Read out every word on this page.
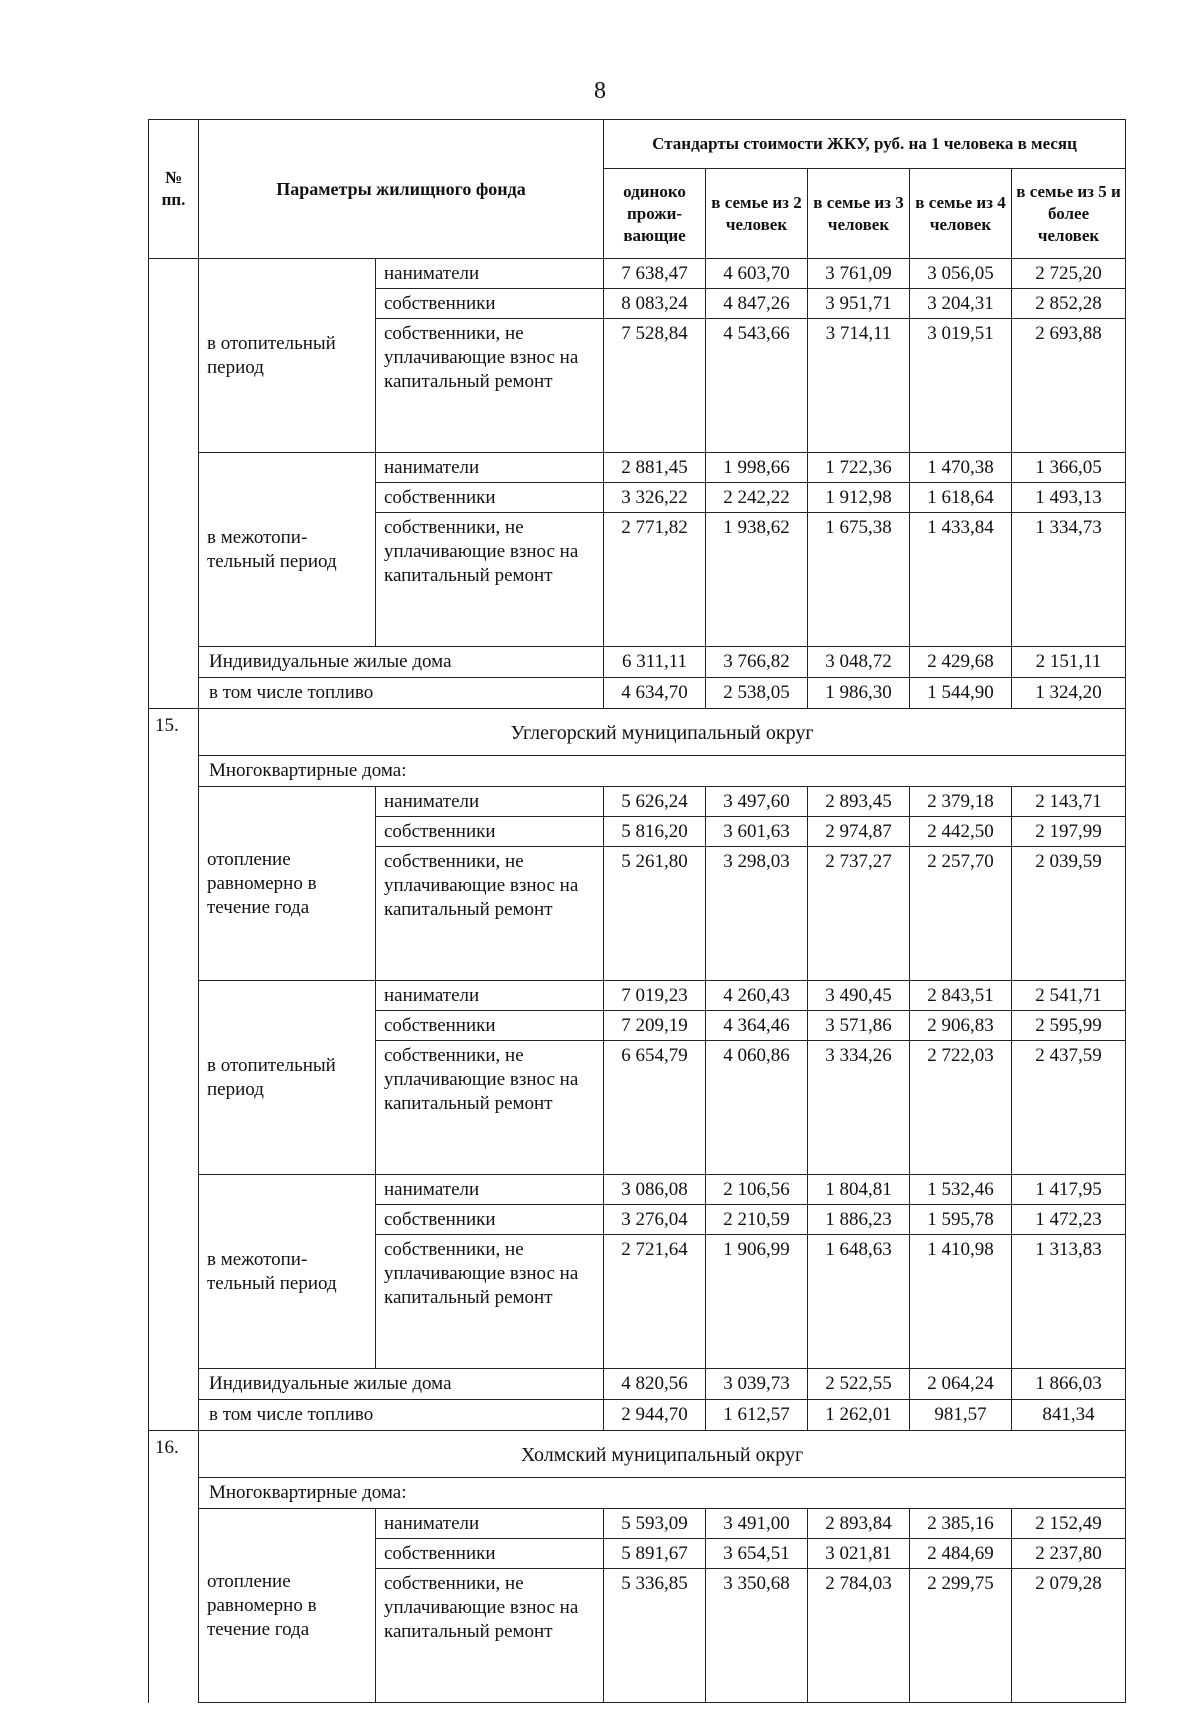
8
№ пп.	Параметры жилищного фонда		Стандарты стоимости ЖКУ, руб. на 1 человека в месяц				
			одиноко прожи-вающие	в семье из 2 человек	в семье из 3 человек	в семье из 4 человек	в семье из 5 и более человек
	в отопительный период	наниматели	7 638,47	4 603,70	3 761,09	3 056,05	2 725,20
		собственники	8 083,24	4 847,26	3 951,71	3 204,31	2 852,28
		собственники, не уплачивающие взнос на капитальный ремонт	7 528,84	4 543,66	3 714,11	3 019,51	2 693,88
	в межотопи-тельный период	наниматели	2 881,45	1 998,66	1 722,36	1 470,38	1 366,05
		собственники	3 326,22	2 242,22	1 912,98	1 618,64	1 493,13
		собственники, не уплачивающие взнос на капитальный ремонт	2 771,82	1 938,62	1 675,38	1 433,84	1 334,73
	Индивидуальные жилые дома		6 311,11	3 766,82	3 048,72	2 429,68	2 151,11
	в том числе топливо		4 634,70	2 538,05	1 986,30	1 544,90	1 324,20
15.	Углегорский муниципальный округ						
	Многоквартирные дома:						
	отопление равномерно в течение года	наниматели	5 626,24	3 497,60	2 893,45	2 379,18	2 143,71
		собственники	5 816,20	3 601,63	2 974,87	2 442,50	2 197,99
		собственники, не уплачивающие взнос на капитальный ремонт	5 261,80	3 298,03	2 737,27	2 257,70	2 039,59
	в отопительный период	наниматели	7 019,23	4 260,43	3 490,45	2 843,51	2 541,71
		собственники	7 209,19	4 364,46	3 571,86	2 906,83	2 595,99
		собственники, не уплачивающие взнос на капитальный ремонт	6 654,79	4 060,86	3 334,26	2 722,03	2 437,59
	в межотопи-тельный период	наниматели	3 086,08	2 106,56	1 804,81	1 532,46	1 417,95
		собственники	3 276,04	2 210,59	1 886,23	1 595,78	1 472,23
		собственники, не уплачивающие взнос на капитальный ремонт	2 721,64	1 906,99	1 648,63	1 410,98	1 313,83
	Индивидуальные жилые дома		4 820,56	3 039,73	2 522,55	2 064,24	1 866,03
	в том числе топливо		2 944,70	1 612,57	1 262,01	981,57	841,34
16.	Холмский муниципальный округ						
	Многоквартирные дома:						
	отопление равномерно в течение года	наниматели	5 593,09	3 491,00	2 893,84	2 385,16	2 152,49
		собственники	5 891,67	3 654,51	3 021,81	2 484,69	2 237,80
		собственники, не уплачивающие взнос на капитальный ремонт	5 336,85	3 350,68	2 784,03	2 299,75	2 079,28
